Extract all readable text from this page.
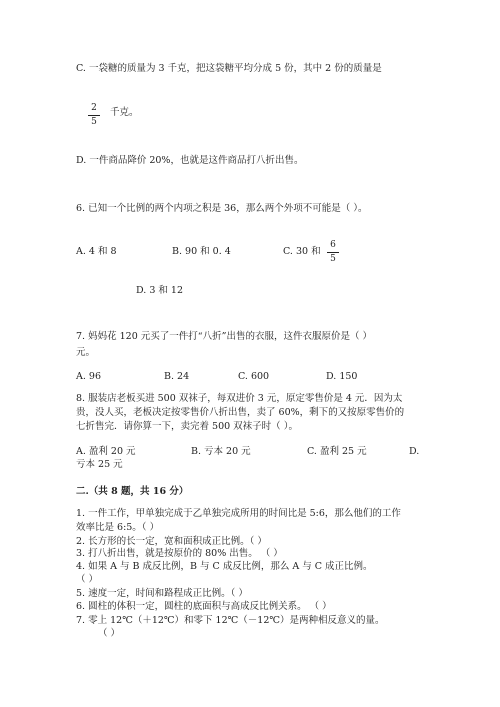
C. 一袋糖的质量为 3 千克，把这袋糖平均分成 5 份，其中 2 份的质量是
2
5
千克。
D. 一件商品降价 20%，也就是这件商品打八折出售。
6. 已知一个比例的两个内项之积是 36，那么两个外项不可能是（ ）。
A. 4 和 8	B. 90 和 0. 4	C. 30 和
6
5
D. 3 和 12
7. 妈妈花 120 元买了一件打“八折”出售的衣服，这件衣服原价是（ ）
元。
A. 96	B. 24	C. 600	D. 150
8. 服装店老板买进 500 双袜子，每双进价 3 元，原定零售价是 4 元．因为太
贵，没人买，老板决定按零售价八折出售，卖了 60%，剩下的又按原零售价的
七折售完．请你算一下，卖完着 500 双袜子时（ ）。
A. 盈利 20 元	B. 亏本 20 元	C. 盈利 25 元	D.
亏本 25 元
二.（共 8 题，共 16 分）
1. 一件工作，甲单独完成于乙单独完成所用的时间比是 5:6，那么他们的工作
效率比是 6:5。（ ）
2. 长方形的长一定，宽和面积成正比例。（ ）
3. 打八折出售，就是按原价的 80% 出售。 （ ）
4. 如果 A 与 B 成反比例，B 与 C 成反比例，那么 A 与 C 成正比例。
（ ）
5. 速度一定，时间和路程成正比例。（ ）
6. 圆柱的体积一定，圆柱的底面积与高成反比例关系。 （ ）
7. 零上 12℃（＋12℃）和零下 12℃（－12℃）是两种相反意义的量。
（ ）
